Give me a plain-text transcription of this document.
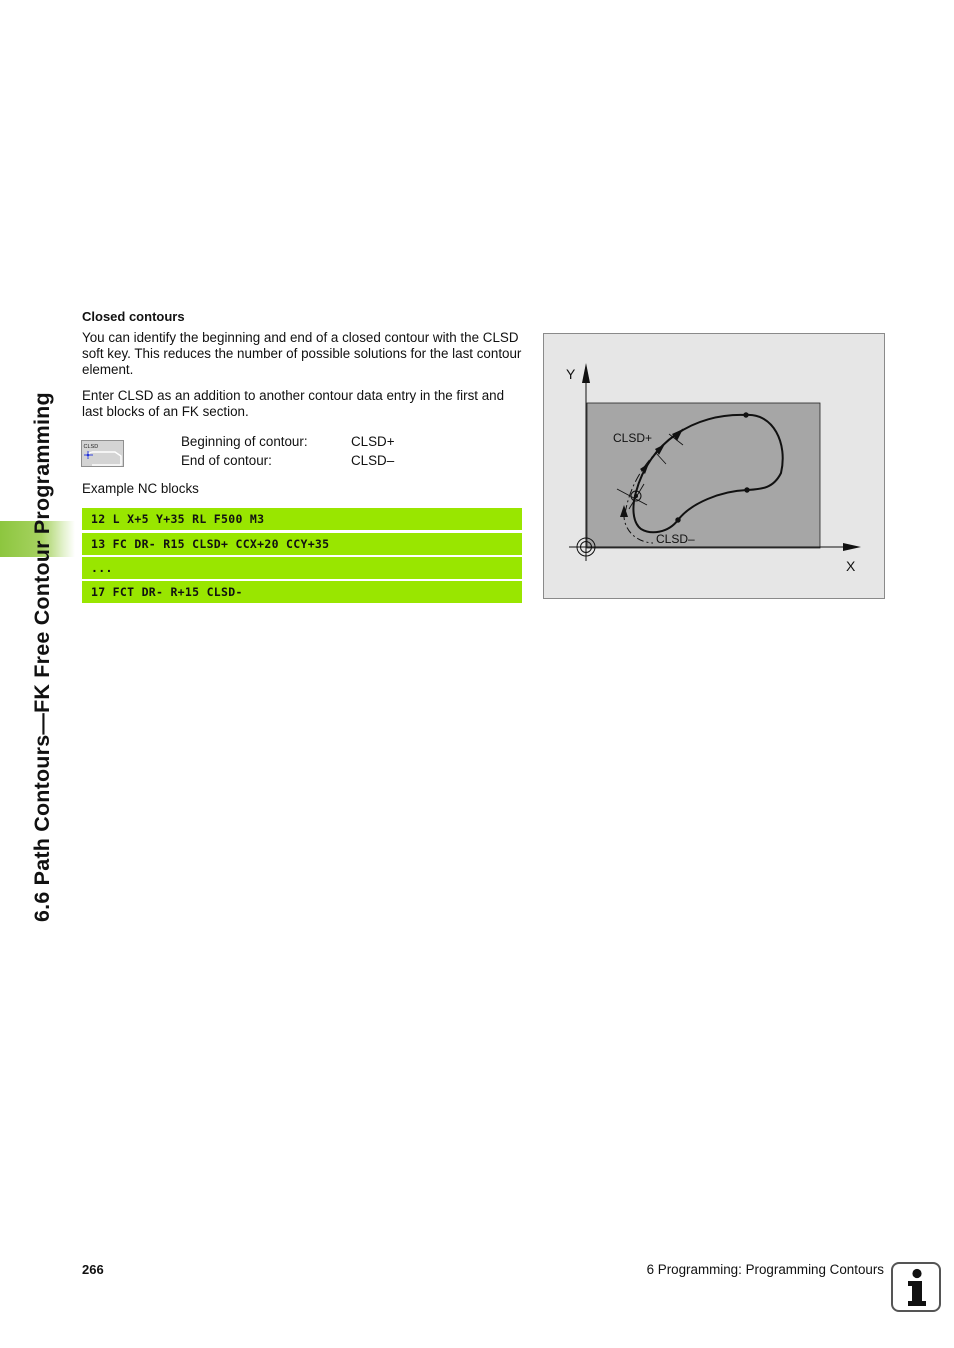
6.6 Path Contours—FK Free Contour Programming
Closed contours
You can identify the beginning and end of a closed contour with the CLSD soft key. This reduces the number of possible solutions for the last contour element.
Enter CLSD as an addition to another contour data entry in the first and last blocks of an FK section.
CLSD	Beginning of contour:	CLSD+
End of contour:	CLSD–
Example NC blocks
12 L X+5 Y+35 RL F500 M3
13 FC DR- R15 CLSD+ CCX+20 CCY+35
...
17 FCT DR- R+15 CLSD-
Y
X
CLSD+
CLSD–
266	6 Programming: Programming Contours
